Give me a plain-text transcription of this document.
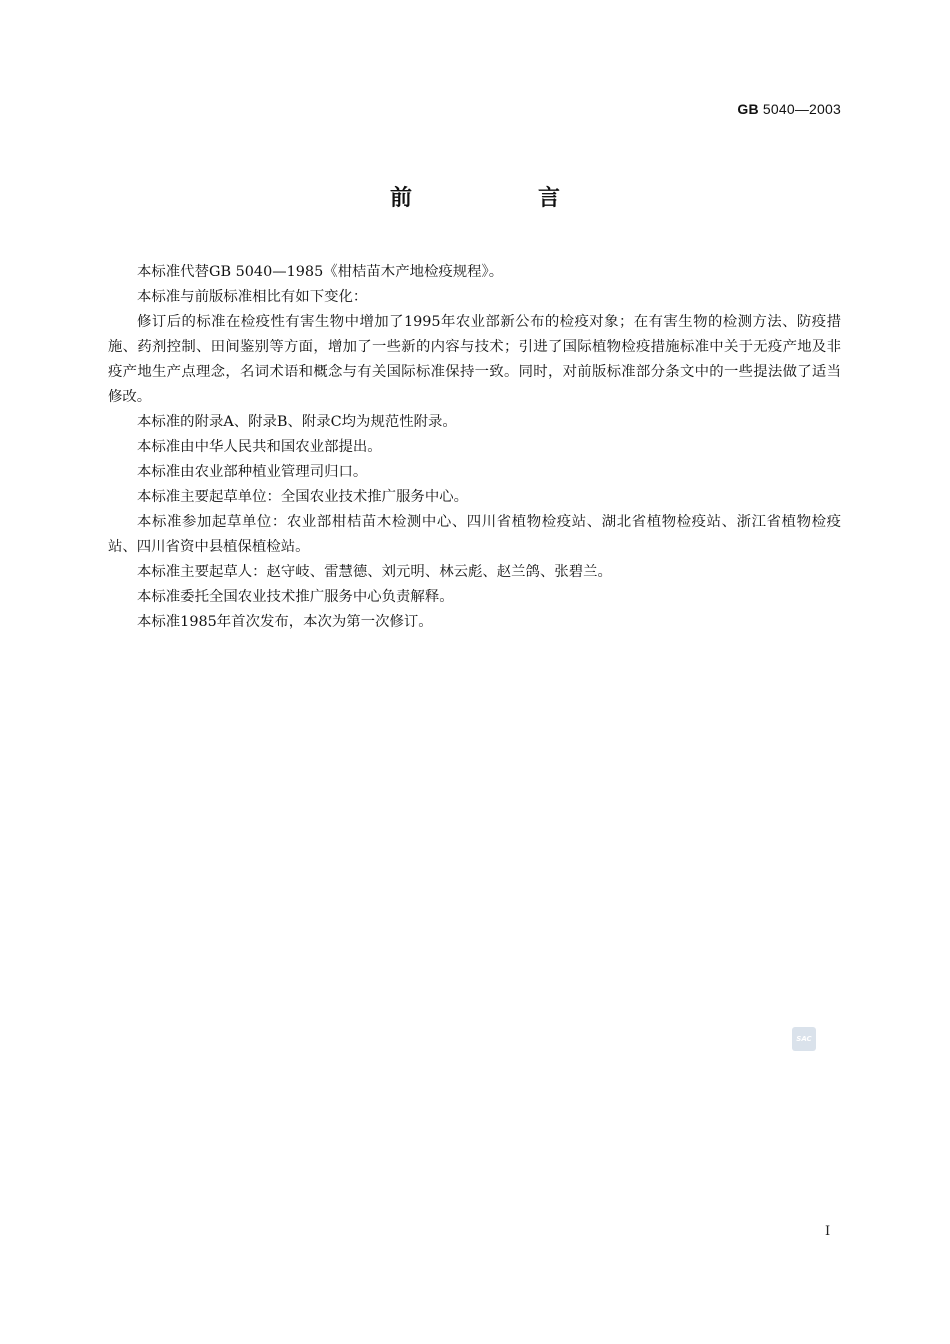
GB 5040—2003
前　言

本标准代替GB 5040—1985《柑桔苗木产地检疫规程》。

本标准与前版标准相比有如下变化：

修订后的标准在检疫性有害生物中增加了1995年农业部新公布的检疫对象；在有害生物的检测方法、防疫措施、药剂控制、田间鉴别等方面，增加了一些新的内容与技术；引进了国际植物检疫措施标准中关于无疫产地及非疫产地生产点理念，名词术语和概念与有关国际标准保持一致。同时，对前版标准部分条文中的一些提法做了适当修改。

本标准的附录A、附录B、附录C均为规范性附录。

本标准由中华人民共和国农业部提出。

本标准由农业部种植业管理司归口。

本标准主要起草单位：全国农业技术推广服务中心。

本标准参加起草单位：农业部柑桔苗木检测中心、四川省植物检疫站、湖北省植物检疫站、浙江省植物检疫站、四川省资中县植保植检站。

本标准主要起草人：赵守岐、雷慧德、刘元明、林云彪、赵兰鸽、张碧兰。

本标准委托全国农业技术推广服务中心负责解释。

本标准1985年首次发布，本次为第一次修订。

SAC
I
